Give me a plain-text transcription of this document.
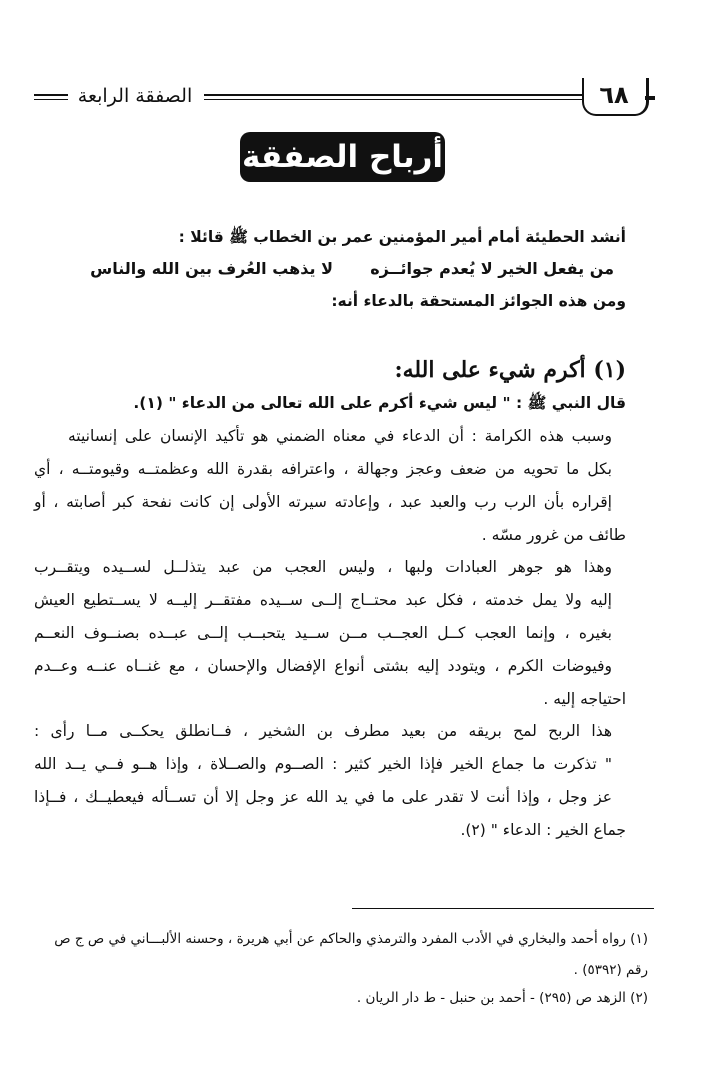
الصفقة الرابعة	٦٨
أرباح الصفقة
أنشد الحطيئة أمام أمير المؤمنين عمر بن الخطاب ﷺ قائلا :
من يفعل الخير لا يُعدم جوائــزه
لا يذهب العُرف بين الله والناس
ومن هذه الجوائز المستحقة بالدعاء أنه:
(١) أكرم شيء على الله:
قال النبي ﷺ : " ليس شيء أكرم على الله تعالى من الدعاء " (١).
وسبب هذه الكرامة : أن الدعاء في معناه الضمني هو تأكيد الإنسان على إنسانيته
بكل ما تحويه من ضعف وعجز وجهالة ، واعترافه بقدرة الله وعظمتــه وقيومتــه ، أي
إقراره بأن الرب رب والعبد عبد ، وإعادته سيرته الأولى إن كانت نفحة كبر أصابته ، أو
طائف من غرور مسّه .
وهذا هو جوهر العبادات ولبها ، وليس العجب من عبد يتذلــل لســيده ويتقــرب
إليه ولا يمل خدمته ، فكل عبد محتــاج إلــى ســيده مفتقــر إليــه لا يســتطيع العيش
بغيره ، وإنما العجب كــل العجــب مــن ســيد يتحبــب إلــى عبــده بصنــوف النعــم
وفيوضات الكرم ، ويتودد إليه بشتى أنواع الإفضال والإحسان ، مع غنــاه عنــه وعــدم
احتياجه إليه .
هذا الربح لمح بريقه من بعيد مطرف بن الشخير ، فــانطلق يحكــى مــا رأى :
" تذكرت ما جماع الخير فإذا الخير كثير : الصــوم والصــلاة ، وإذا هــو فــي يــد الله
عز وجل ، وإذا أنت لا تقدر على ما في يد الله عز وجل إلا أن تســأله فيعطيــك ، فــإذا
جماع الخير : الدعاء " (٢).
(١) رواه أحمد والبخاري في الأدب المفرد والترمذي والحاكم عن أبي هريرة ، وحسنه الألبـــاني في ص ج ص
رقم (٥٣٩٢) .
(٢) الزهد ص (٢٩٥) - أحمد بن حنبل - ط دار الريان .
